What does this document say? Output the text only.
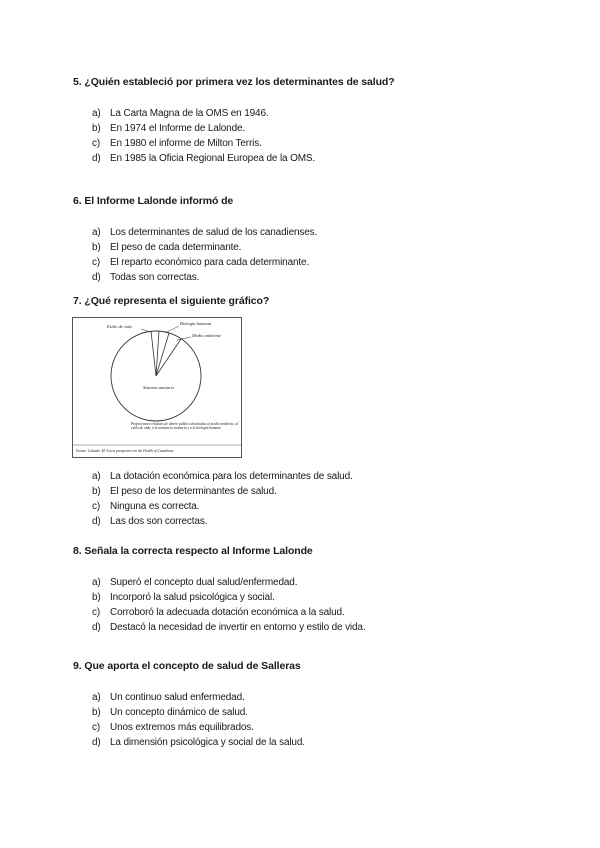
5. ¿Quién estableció por primera vez los determinantes de salud?
a) La Carta Magna de la OMS en 1946.
b) En 1974 el Informe de Lalonde.
c) En 1980 el informe de Milton Terris.
d) En 1985 la Oficia Regional Europea de la OMS.
6. El Informe Lalonde informó de
a) Los determinantes de salud de los canadienses.
b) El peso de cada determinante.
c) El reparto económico para cada determinante.
d) Todas son correctas.
7. ¿Qué representa el siguiente gráfico?
Estilo de vida
Biología humana
Medio ambiente
Sistema sanitario
Proporciones relativas de dinero público destinadas al medio ambiente, al estilo de vida, a la asistencia sanitaria y a la biología humana
Fuente: Lalonde, M. A new perspective on the Health of Canadians.
a) La dotación económica para los determinantes de salud.
b) El peso de los determinantes de salud.
c) Ninguna es correcta.
d) Las dos son correctas.
8. Señala la correcta respecto al Informe Lalonde
a) Superó el concepto dual salud/enfermedad.
b) Incorporó la salud psicológica y social.
c) Corroboró la adecuada dotación económica a la salud.
d) Destacó la necesidad de invertir en entorno y estilo de vida.
9. Que aporta el concepto de salud de Salleras
a) Un continuo salud enfermedad.
b) Un concepto dinámico de salud.
c) Unos extremos más equilibrados.
d) La dimensión psicológica y social de la salud.
